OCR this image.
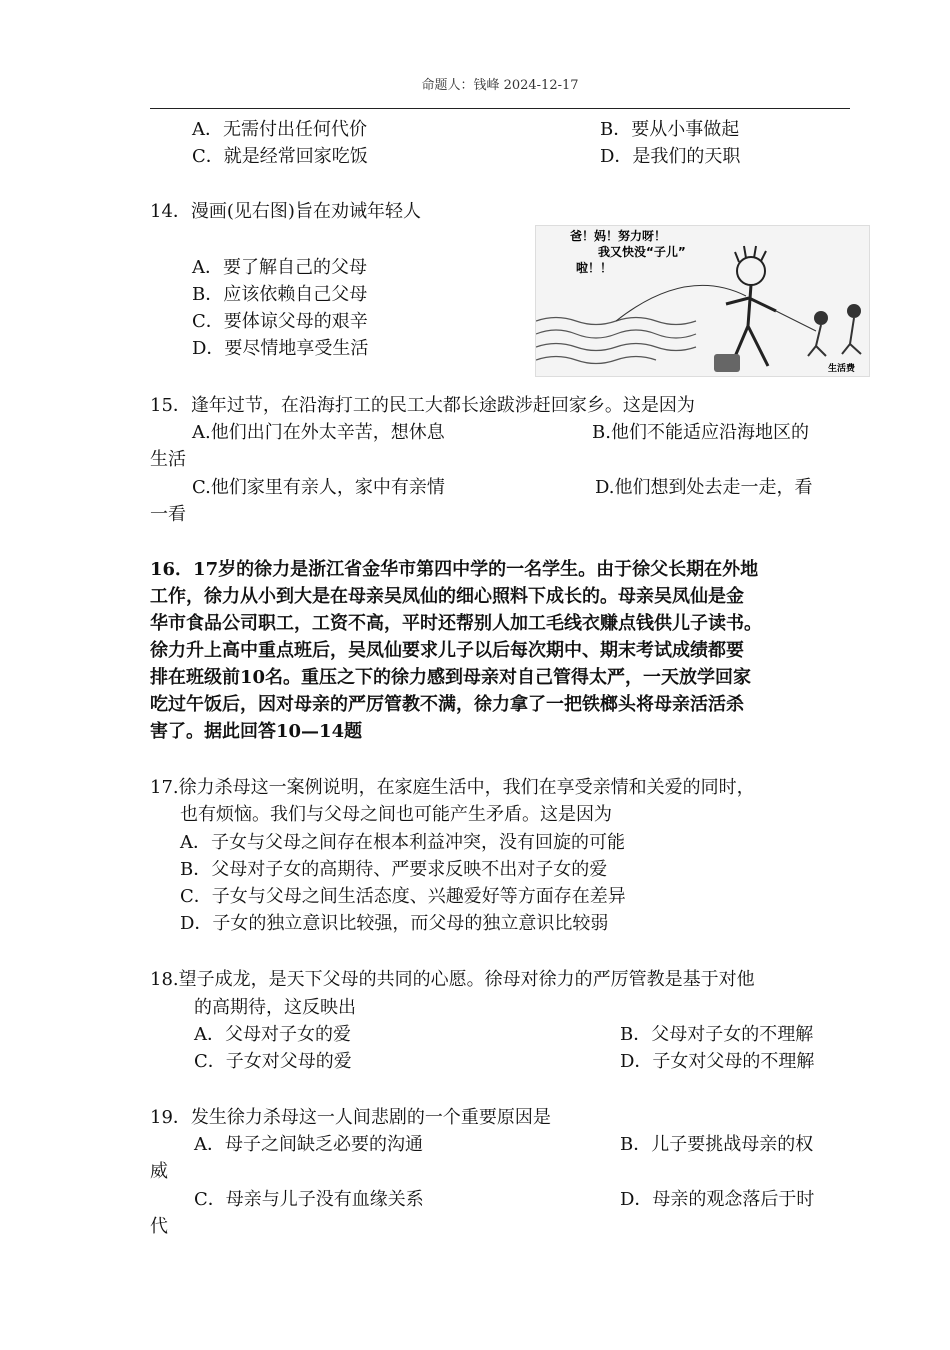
命题人：钱峰 2024-12-17
A．无需付出任何代价	B．要从小事做起
C．就是经常回家吃饭	D．是我们的天职
14．漫画(见右图)旨在劝诫年轻人
A．要了解自己的父母
B．应该依赖自己父母
C．要体谅父母的艰辛
D．要尽情地享受生活
爸！妈！努力呀！
我又快没“子儿”
啦！！
生活费
15．逢年过节，在沿海打工的民工大都长途跋涉赶回家乡。这是因为
A.他们出门在外太辛苦，想休息	B.他们不能适应沿海地区的
生活
C.他们家里有亲人，家中有亲情	D.他们想到处去走一走，看
一看
16．17岁的徐力是浙江省金华市第四中学的一名学生。由于徐父长期在外地
工作，徐力从小到大是在母亲吴凤仙的细心照料下成长的。母亲吴凤仙是金
华市食品公司职工，工资不高，平时还帮别人加工毛线衣赚点钱供儿子读书。
徐力升上高中重点班后，吴凤仙要求儿子以后每次期中、期末考试成绩都要
排在班级前10名。重压之下的徐力感到母亲对自己管得太严，一天放学回家
吃过午饭后，因对母亲的严厉管教不满，徐力拿了一把铁榔头将母亲活活杀
害了。据此回答10—14题
17.徐力杀母这一案例说明，在家庭生活中，我们在享受亲情和关爱的同时，
也有烦恼。我们与父母之间也可能产生矛盾。这是因为
A．子女与父母之间存在根本利益冲突，没有回旋的可能
B．父母对子女的高期待、严要求反映不出对子女的爱
C．子女与父母之间生活态度、兴趣爱好等方面存在差异
D．子女的独立意识比较强，而父母的独立意识比较弱
18.望子成龙，是天下父母的共同的心愿。徐母对徐力的严厉管教是基于对他
的高期待，这反映出
A．父母对子女的爱	B．父母对子女的不理解
C．子女对父母的爱	D．子女对父母的不理解
19．发生徐力杀母这一人间悲剧的一个重要原因是
A．母子之间缺乏必要的沟通	B．儿子要挑战母亲的权
威
C．母亲与儿子没有血缘关系	D．母亲的观念落后于时
代
